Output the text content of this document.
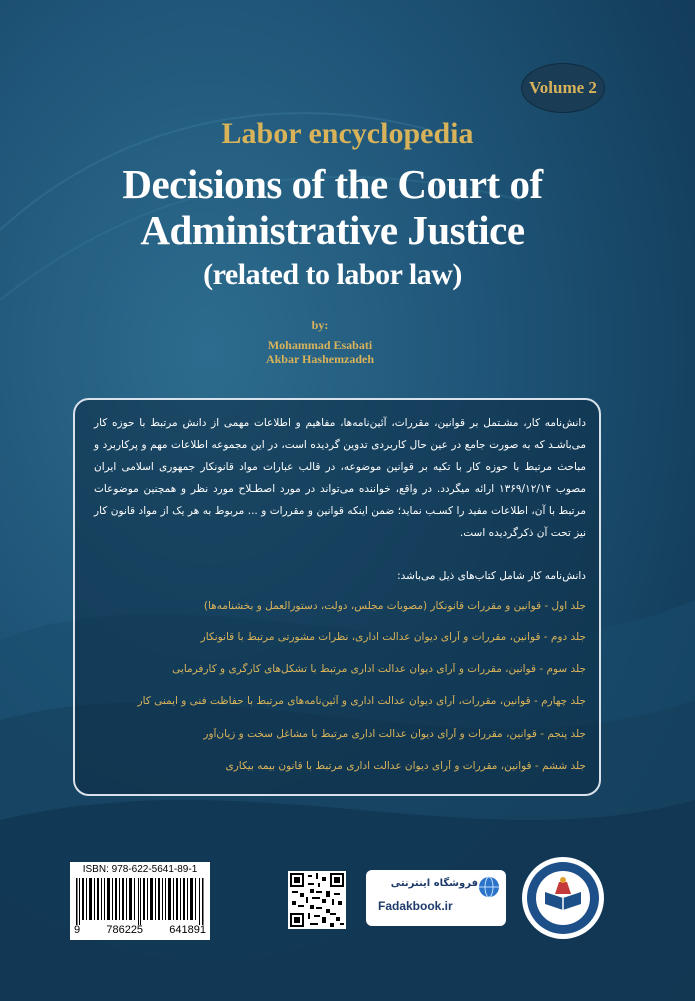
Volume 2
Labor encyclopedia
Decisions of the Court of
Administrative Justice
(related to labor law)
by:
Mohammad Esabati
Akbar Hashemzadeh
دانش‌نامه کار، مشـتمل بر قوانین، مقررات، آئین‌نامه‌ها، مفاهیم و اطلاعات مهمی از دانش مرتبط با حوزه کار می‌باشـد که به صورت جامع در عین حال کاربردی تدوین گردیده است، در این مجموعه اطلاعات مهم و پرکاربرد و مباحث مرتبط با حوزه کار با تکیه بر قوانین موضوعه، در قالب عبارات مواد قانونکار جمهوری اسلامی ایران مصوب ۱۳۶۹/۱۲/۱۴ ارائه میگردد. در واقع، خواننده می‌تواند در مورد اصطـلاح مورد نظر و همچنین موضوعات مرتبط با آن، اطلاعات مفید را کسـب نماید؛ ضمن اینکه قوانین و مقررات و ... مربوط به هر یک از مواد قانون کار نیز تحت آن ذکرگردیده است.
دانش‌نامه کار شامل کتاب‌های ذیل می‌باشد:
جلد اول - قوانین و مقررات قانونکار (مصوبات مجلس، دولت، دستورالعمل و بخشنامه‌ها)
جلد دوم - قوانین، مقررات و آرای دیوان عدالت اداری، نظرات مشورتی مرتبط با قانونکار
جلد سوم - قوانین، مقررات و آرای دیوان عدالت اداری مرتبط با تشکل‌های کارگری و کارفرمایی
جلد چهارم - قوانین، مقررات، آرای دیوان عدالت اداری و آئین‌نامه‌های مرتبط با حفاظت فنی و ایمنی کار
جلد پنجم - قوانین، مقررات و آرای دیوان عدالت اداری مرتبط با مشاغل سخت و زیان‌آور
جلد ششم - قوانین، مقررات و آرای دیوان عدالت اداری مرتبط با قانون بیمه بیکاری
ISBN: 978-622-5641-89-1
9 786225 641891
فروشگاه اینترنتی
Fadakbook.ir
